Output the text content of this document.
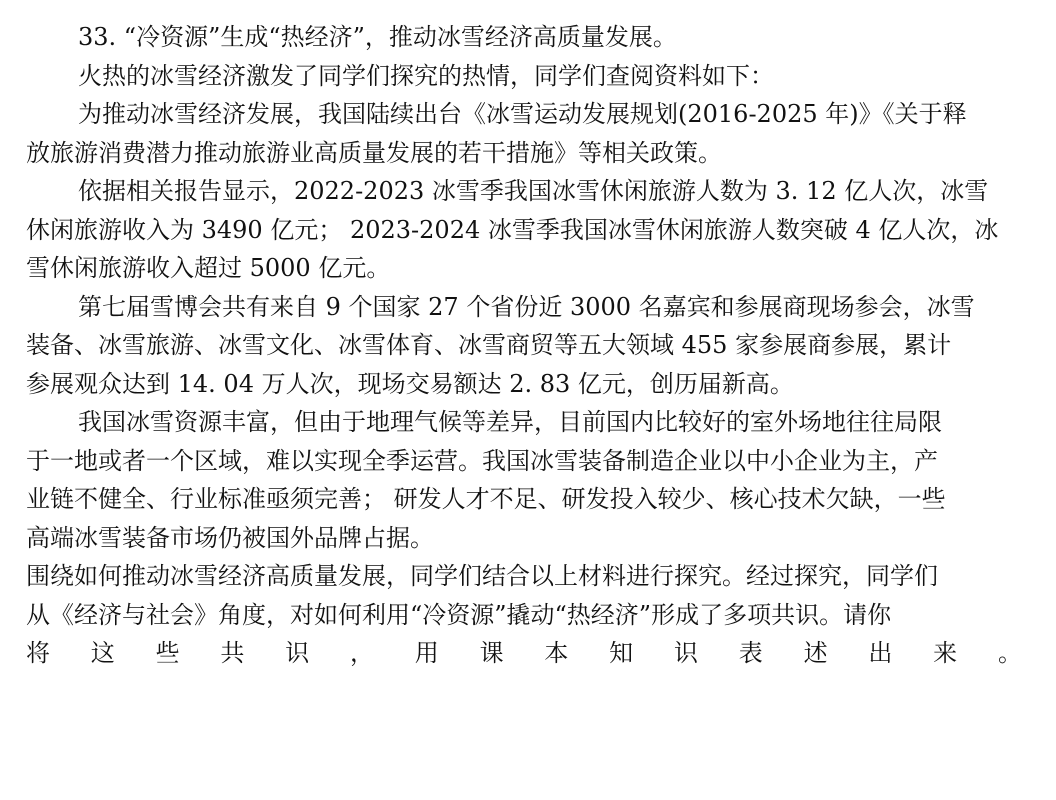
33. “冷资源”生成“热经济”，推动冰雪经济高质量发展。
火热的冰雪经济激发了同学们探究的热情，同学们查阅资料如下：
为推动冰雪经济发展，我国陆续出台《冰雪运动发展规划(2016-2025 年)》《关于释
放旅游消费潜力推动旅游业高质量发展的若干措施》等相关政策。
依据相关报告显示，2022-2023 冰雪季我国冰雪休闲旅游人数为 3. 12 亿人次，冰雪
休闲旅游收入为 3490 亿元； 2023-2024 冰雪季我国冰雪休闲旅游人数突破 4 亿人次，冰
雪休闲旅游收入超过 5000 亿元。
第七届雪博会共有来自 9 个国家 27 个省份近 3000 名嘉宾和参展商现场参会，冰雪
装备、冰雪旅游、冰雪文化、冰雪体育、冰雪商贸等五大领域 455 家参展商参展，累计
参展观众达到 14. 04 万人次，现场交易额达 2. 83 亿元，创历届新高。
我国冰雪资源丰富，但由于地理气候等差异，目前国内比较好的室外场地往往局限
于一地或者一个区域，难以实现全季运营。我国冰雪装备制造企业以中小企业为主，产
业链不健全、行业标准亟须完善； 研发人才不足、研发投入较少、核心技术欠缺，一些
高端冰雪装备市场仍被国外品牌占据。
围绕如何推动冰雪经济高质量发展，同学们结合以上材料进行探究。经过探究，同学们
从《经济与社会》角度，对如何利用“冷资源”撬动“热经济”形成了多项共识。请你
将 这 些 共 识 ， 用 课 本 知 识 表 述 出 来 。
